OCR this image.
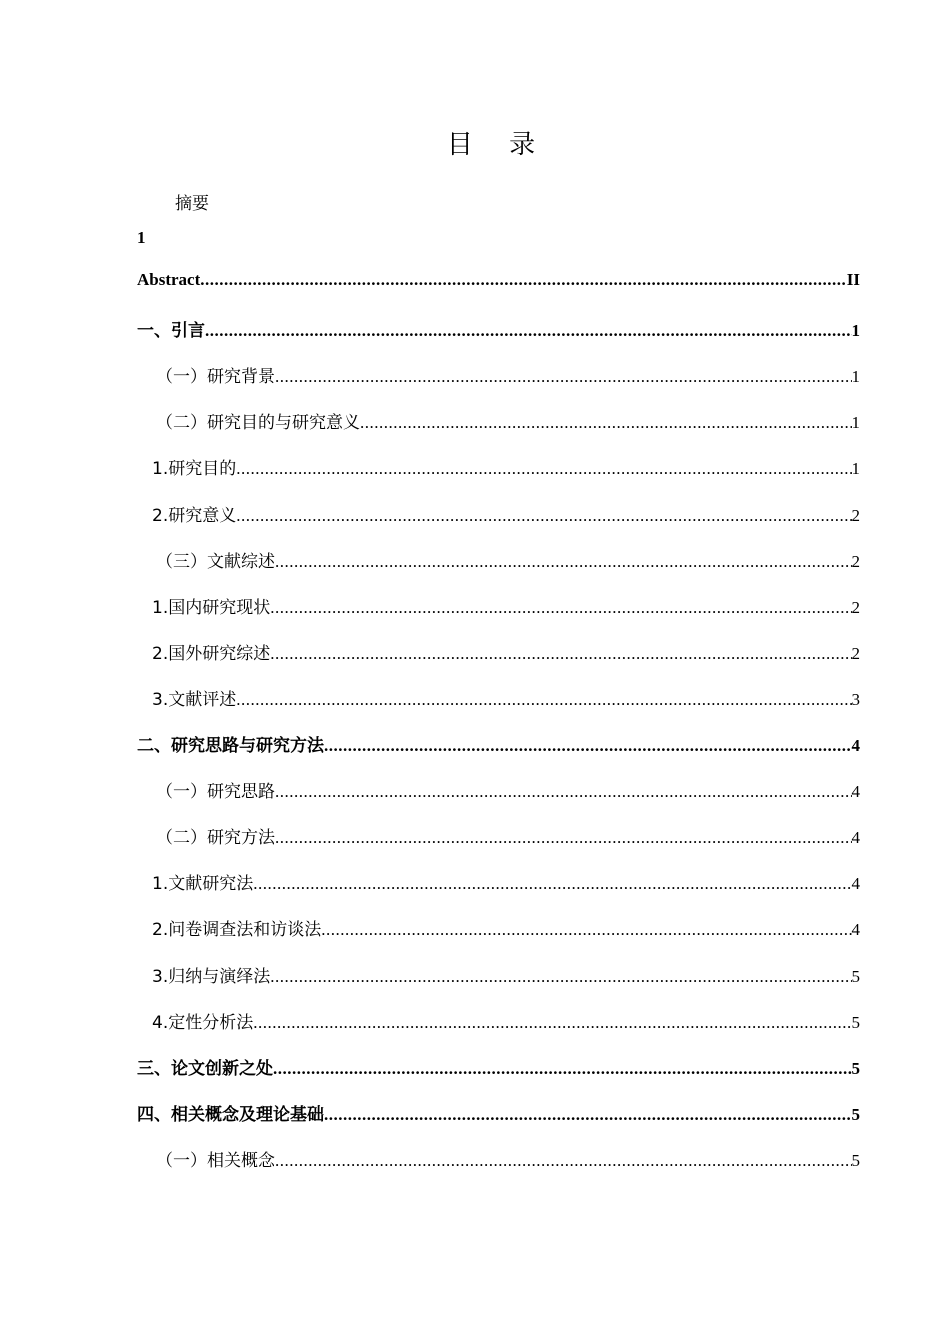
目 录
摘要
1
Abstract .....	II
一、引言 .....	1
（一）研究背景 .....	1
（二）研究目的与研究意义 .....	1
1.研究目的 .....	1
2.研究意义 .....	2
（三）文献综述 .....	2
1.国内研究现状 .....	2
2.国外研究综述 .....	2
3.文献评述 .....	3
二、研究思路与研究方法 .....	4
（一）研究思路 .....	4
（二）研究方法 .....	4
1.文献研究法 .....	4
2.问卷调查法和访谈法 .....	4
3.归纳与演绎法 .....	5
4.定性分析法 .....	5
三、论文创新之处 .....	5
四、相关概念及理论基础 .....	5
（一）相关概念 .....	5
